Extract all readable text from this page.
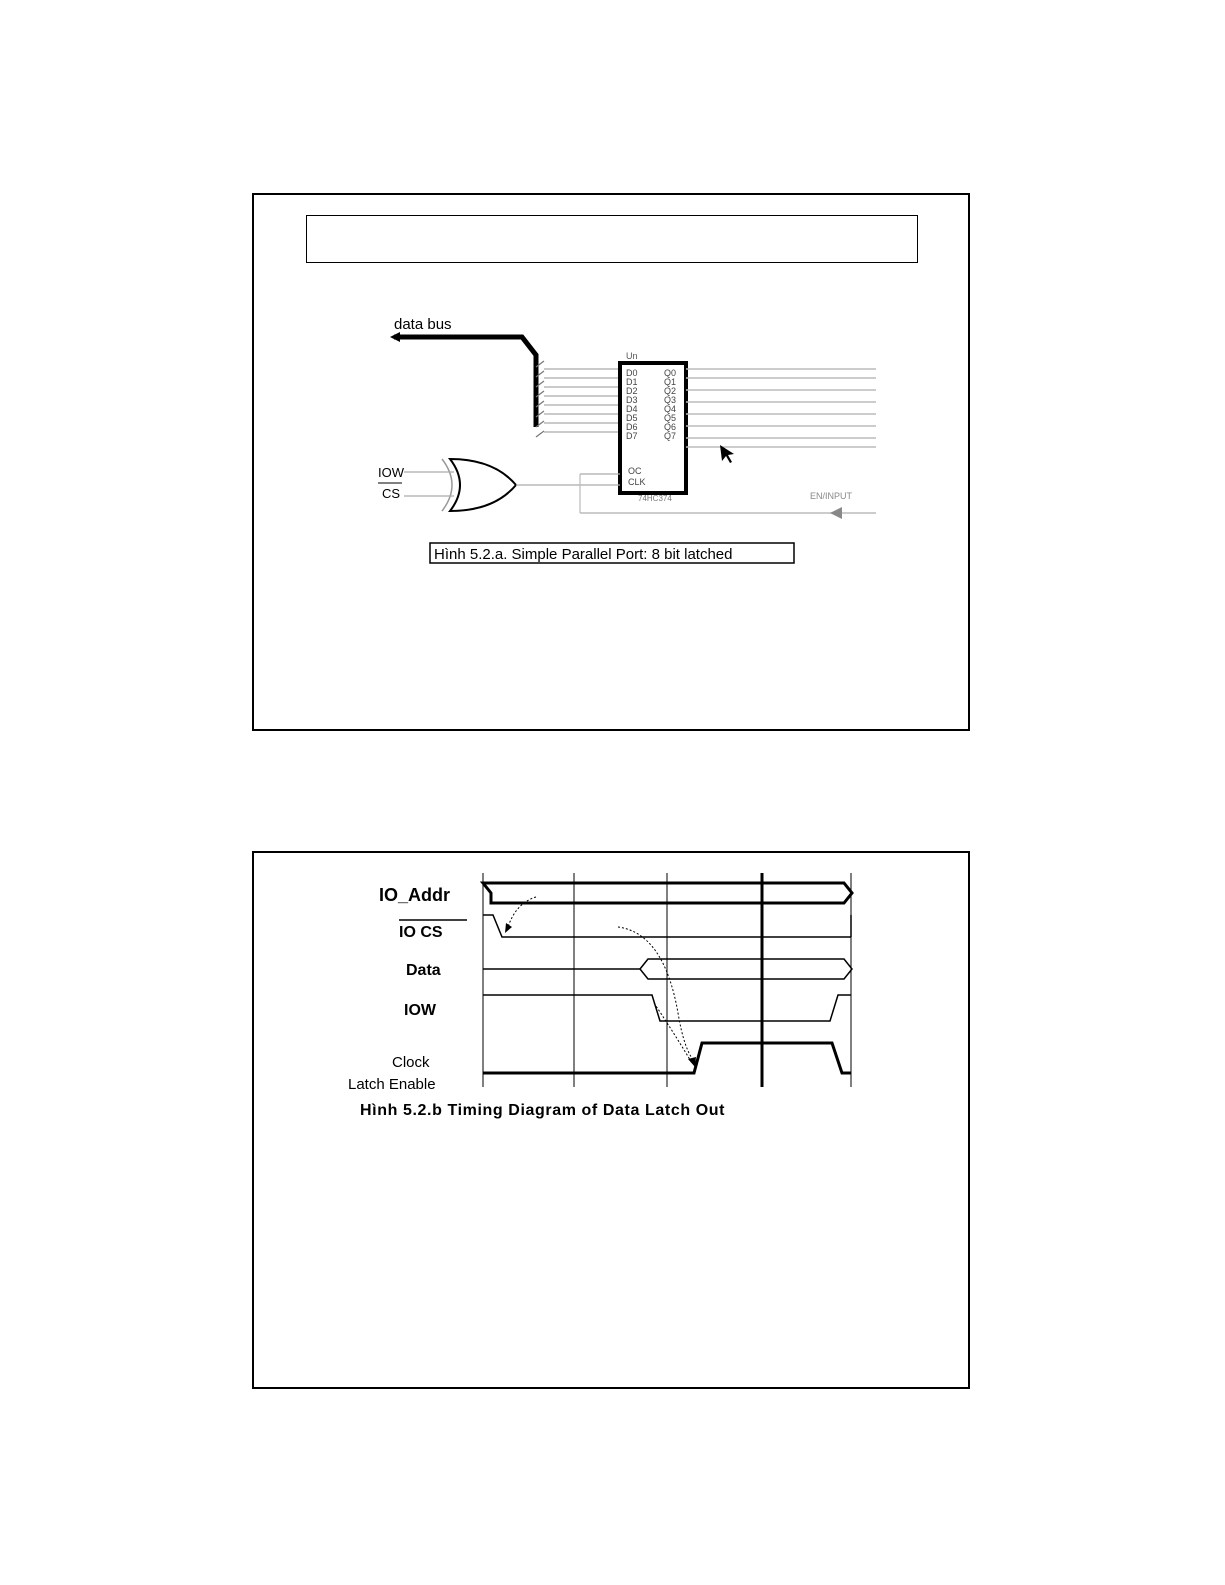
data bus
Un
D0
D1
D2
D3
D4
D5
D6
D7
Q0
Q1
Q2
Q3
Q4
Q5
Q6
Q7
OC
CLK
74HC374	EN/INPUT
IOW
CS
Hình 5.2.a. Simple Parallel Port: 8 bit latched
IO_Addr
IO CS
Data
IOW
Clock
Latch Enable
Hình 5.2.b Timing Diagram of Data Latch Out
